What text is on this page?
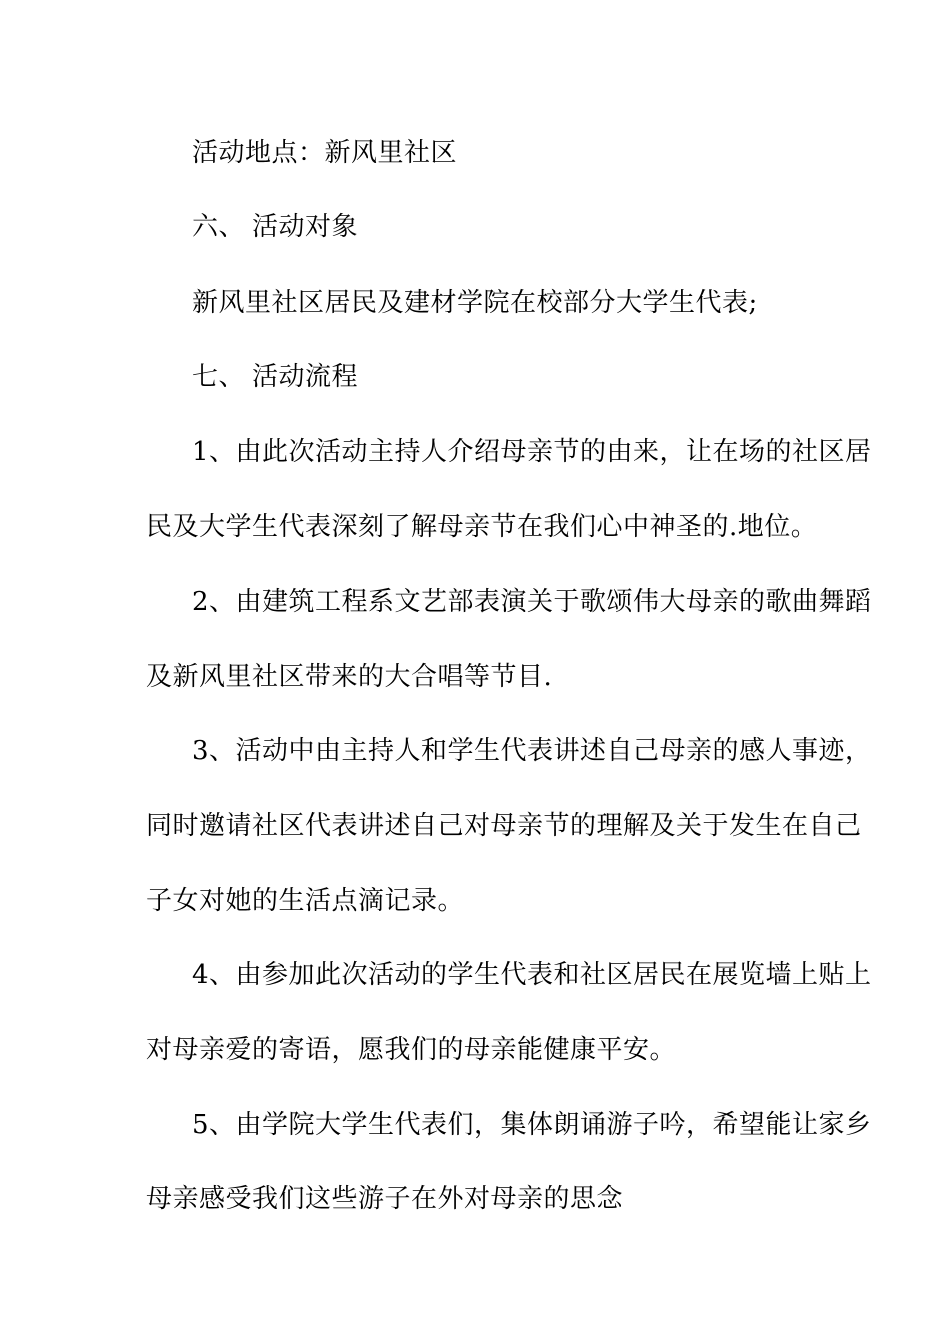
活动地点：新风里社区
六、 活动对象
新风里社区居民及建材学院在校部分大学生代表;
七、 活动流程
1、由此次活动主持人介绍母亲节的由来，让在场的社区居
民及大学生代表深刻了解母亲节在我们心中神圣的.地位。
2、由建筑工程系文艺部表演关于歌颂伟大母亲的歌曲舞蹈
及新风里社区带来的大合唱等节目.
3、活动中由主持人和学生代表讲述自己母亲的感人事迹，
同时邀请社区代表讲述自己对母亲节的理解及关于发生在自己
子女对她的生活点滴记录。
4、由参加此次活动的学生代表和社区居民在展览墙上贴上
对母亲爱的寄语，愿我们的母亲能健康平安。
5、由学院大学生代表们，集体朗诵游子吟，希望能让家乡
母亲感受我们这些游子在外对母亲的思念
